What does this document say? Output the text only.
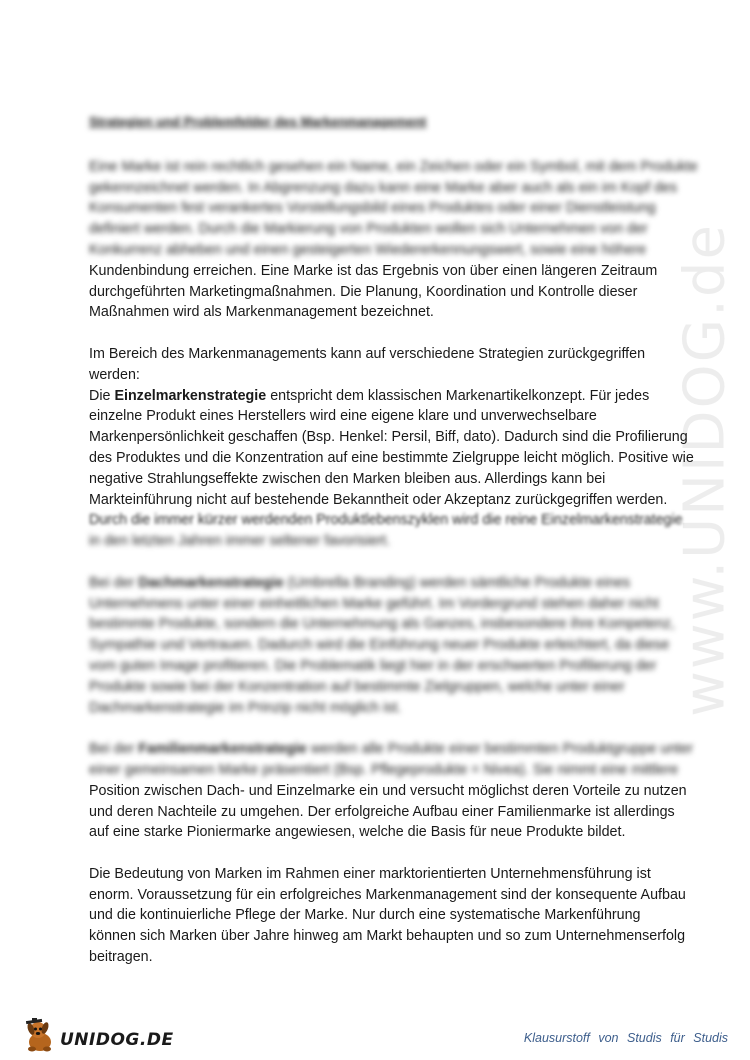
www.UNIDOG.de
Strategien und Problemfelder des Markenmanagement
Eine Marke ist rein rechtlich gesehen ein Name, ein Zeichen oder ein Symbol, mit dem Produkte
gekennzeichnet werden. In Abgrenzung dazu kann eine Marke aber auch als ein im Kopf des
Konsumenten fest verankertes Vorstellungsbild eines Produktes oder einer Dienstleistung
definiert werden. Durch die Markierung von Produkten wollen sich Unternehmen von der
Konkurrenz abheben und einen gesteigerten Wiedererkennungswert, sowie eine höhere
Kundenbindung erreichen. Eine Marke ist das Ergebnis von über einen längeren Zeitraum
durchgeführten Marketingmaßnahmen. Die Planung, Koordination und Kontrolle dieser
Maßnahmen wird als Markenmanagement bezeichnet.
Im Bereich des Markenmanagements kann auf verschiedene Strategien zurückgegriffen
werden:
Die Einzelmarkenstrategie entspricht dem klassischen Markenartikelkonzept. Für jedes
einzelne Produkt eines Herstellers wird eine eigene klare und unverwechselbare
Markenpersönlichkeit geschaffen (Bsp. Henkel: Persil, Biff, dato). Dadurch sind die Profilierung
des Produktes und die Konzentration auf eine bestimmte Zielgruppe leicht möglich. Positive wie
negative Strahlungseffekte zwischen den Marken bleiben aus. Allerdings kann bei
Markteinführung nicht auf bestehende Bekanntheit oder Akzeptanz zurückgegriffen werden.
Durch die immer kürzer werdenden Produktlebenszyklen wird die reine Einzelmarkenstrategie
in den letzten Jahren immer seltener favorisiert.
Bei der Dachmarkenstrategie (Umbrella Branding) werden sämtliche Produkte eines
Unternehmens unter einer einheitlichen Marke geführt. Im Vordergrund stehen daher nicht
bestimmte Produkte, sondern die Unternehmung als Ganzes, insbesondere ihre Kompetenz,
Sympathie und Vertrauen. Dadurch wird die Einführung neuer Produkte erleichtert, da diese
vom guten Image profitieren. Die Problematik liegt hier in der erschwerten Profilierung der
Produkte sowie bei der Konzentration auf bestimmte Zielgruppen, welche unter einer
Dachmarkenstrategie im Prinzip nicht möglich ist.
Bei der Familienmarkenstrategie werden alle Produkte einer bestimmten Produktgruppe unter
einer gemeinsamen Marke präsentiert (Bsp. Pflegeprodukte = Nivea). Sie nimmt eine mittlere
Position zwischen Dach- und Einzelmarke ein und versucht möglichst deren Vorteile zu nutzen
und deren Nachteile zu umgehen. Der erfolgreiche Aufbau einer Familienmarke ist allerdings
auf eine starke Pioniermarke angewiesen, welche die Basis für neue Produkte bildet.
Die Bedeutung von Marken im Rahmen einer marktorientierten Unternehmensführung ist
enorm. Voraussetzung für ein erfolgreiches Markenmanagement sind der konsequente Aufbau
und die kontinuierliche Pflege der Marke. Nur durch eine systematische Markenführung
können sich Marken über Jahre hinweg am Markt behaupten und so zum Unternehmenserfolg
beitragen.
UNIDOG.DE	Klausurstoff von Studis für Studis
